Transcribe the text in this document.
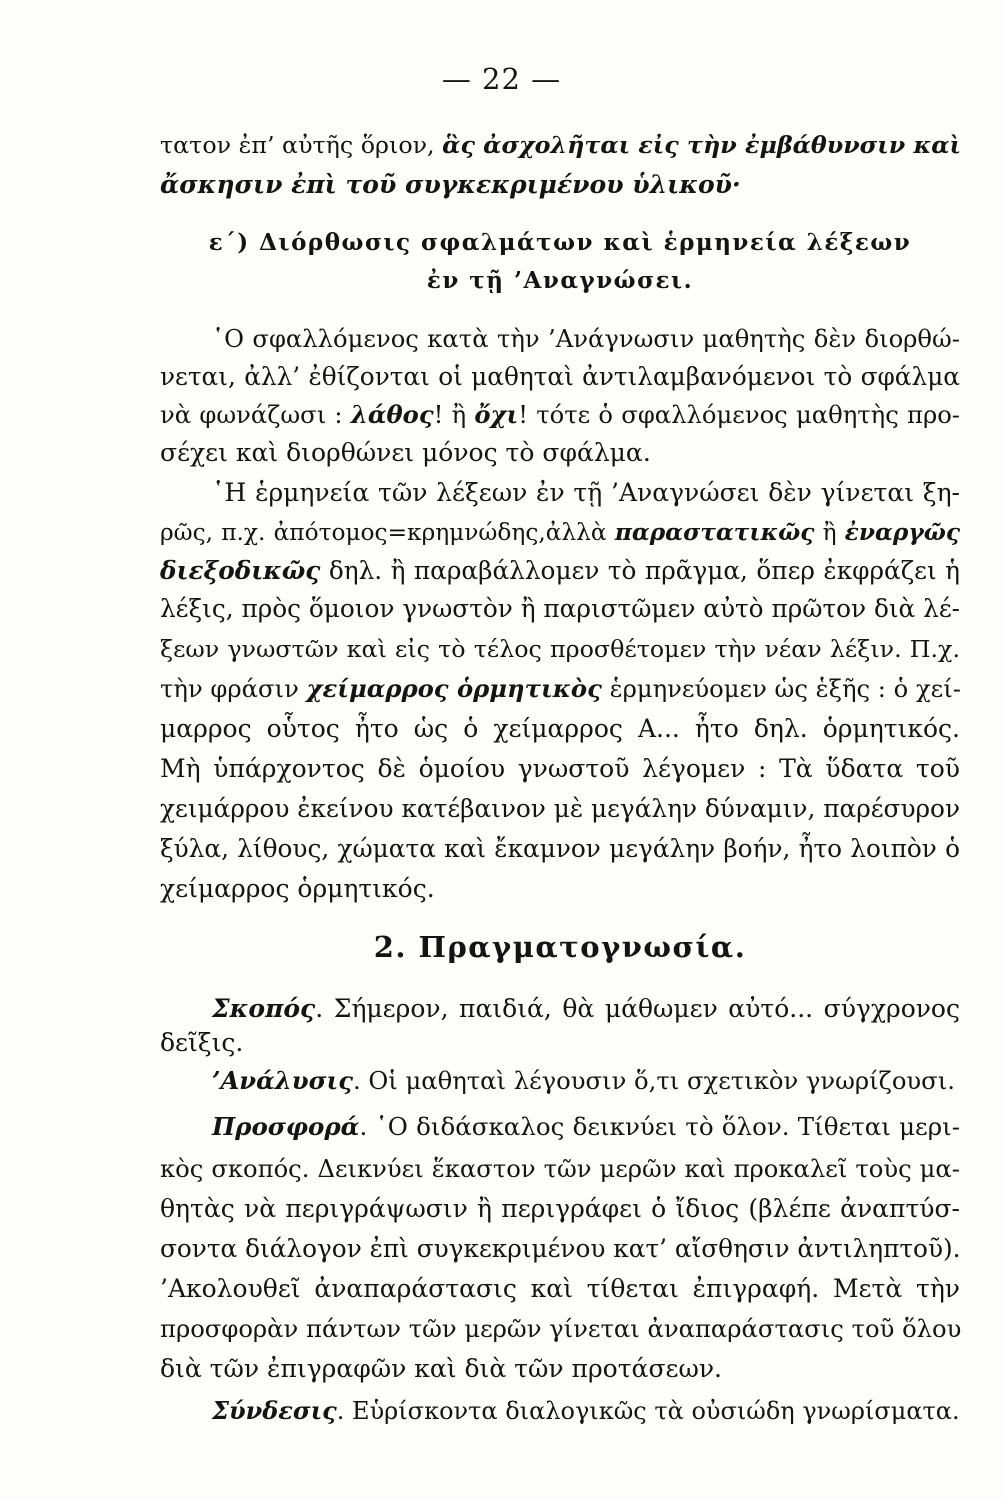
— 22 —
τατον ἐπ’ αὐτῆς ὅριον, ἃς ἀσχολῆται εἰς τὴν ἐμβάθυνσιν καὶ
ἄσκησιν ἐπὶ τοῦ συγκεκριμένου ὑλικοῦ·
ε΄) Διόρθωσις σφαλμάτων καὶ ἑρμηνεία λέξεων
ἐν τῇ ’Αναγνώσει.
῾Ο σφαλλόμενος κατὰ τὴν ’Ανάγνωσιν μαθητὴς δὲν διορθώ-
νεται, ἀλλ’ ἐθίζονται οἱ μαθηταὶ ἀντιλαμβανόμενοι τὸ σφάλμα
νὰ φωνάζωσι : λάθος! ἢ ὄχι! τότε ὁ σφαλλόμενος μαθητὴς προ-
σέχει καὶ διορθώνει μόνος τὸ σφάλμα.
῾Η ἑρμηνεία τῶν λέξεων ἐν τῇ ’Αναγνώσει δὲν γίνεται ξη-
ρῶς, π.χ. ἀπότομος=κρημνώδης,ἀλλὰ παραστατικῶς ἢ ἐναργῶς
διεξοδικῶς δηλ. ἢ παραβάλλομεν τὸ πρᾶγμα, ὅπερ ἐκφράζει ἡ
λέξις, πρὸς ὅμοιον γνωστὸν ἢ παριστῶμεν αὐτὸ πρῶτον διὰ λέ-
ξεων γνωστῶν καὶ εἰς τὸ τέλος προσθέτομεν τὴν νέαν λέξιν. Π.χ.
τὴν φράσιν χείμαρρος ὁρμητικὸς ἑρμηνεύομεν ὡς ἑξῆς : ὁ χεί-
μαρρος οὗτος ἦτο ὡς ὁ χείμαρρος Α... ἦτο δηλ. ὁρμητικός.
Μὴ ὑπάρχοντος δὲ ὁμοίου γνωστοῦ λέγομεν : Τὰ ὕδατα τοῦ
χειμάρρου ἐκείνου κατέβαινον μὲ μεγάλην δύναμιν, παρέσυρον
ξύλα, λίθους, χώματα καὶ ἔκαμνον μεγάλην βοήν, ἦτο λοιπὸν ὁ
χείμαρρος ὁρμητικός.
2. Πραγματογνωσία.
Σκοπός. Σήμερον, παιδιά, θὰ μάθωμεν αὐτό... σύγχρονος
δεῖξις.
’Ανάλυσις. Οἱ μαθηταὶ λέγουσιν ὅ,τι σχετικὸν γνωρίζουσι.
Προσφορά. ῾Ο διδάσκαλος δεικνύει τὸ ὅλον. Τίθεται μερι-
κὸς σκοπός. Δεικνύει ἕκαστον τῶν μερῶν καὶ προκαλεῖ τοὺς μα-
θητὰς νὰ περιγράψωσιν ἢ περιγράφει ὁ ἴδιος (βλέπε ἀναπτύσ-
σοντα διάλογον ἐπὶ συγκεκριμένου κατ’ αἴσθησιν ἀντιληπτοῦ).
’Ακολουθεῖ ἀναπαράστασις καὶ τίθεται ἐπιγραφή. Μετὰ τὴν
προσφορὰν πάντων τῶν μερῶν γίνεται ἀναπαράστασις τοῦ ὅλου
διὰ τῶν ἐπιγραφῶν καὶ διὰ τῶν προτάσεων.
Σύνδεσις. Εὑρίσκοντα διαλογικῶς τὰ οὐσιώδη γνωρίσματα.
